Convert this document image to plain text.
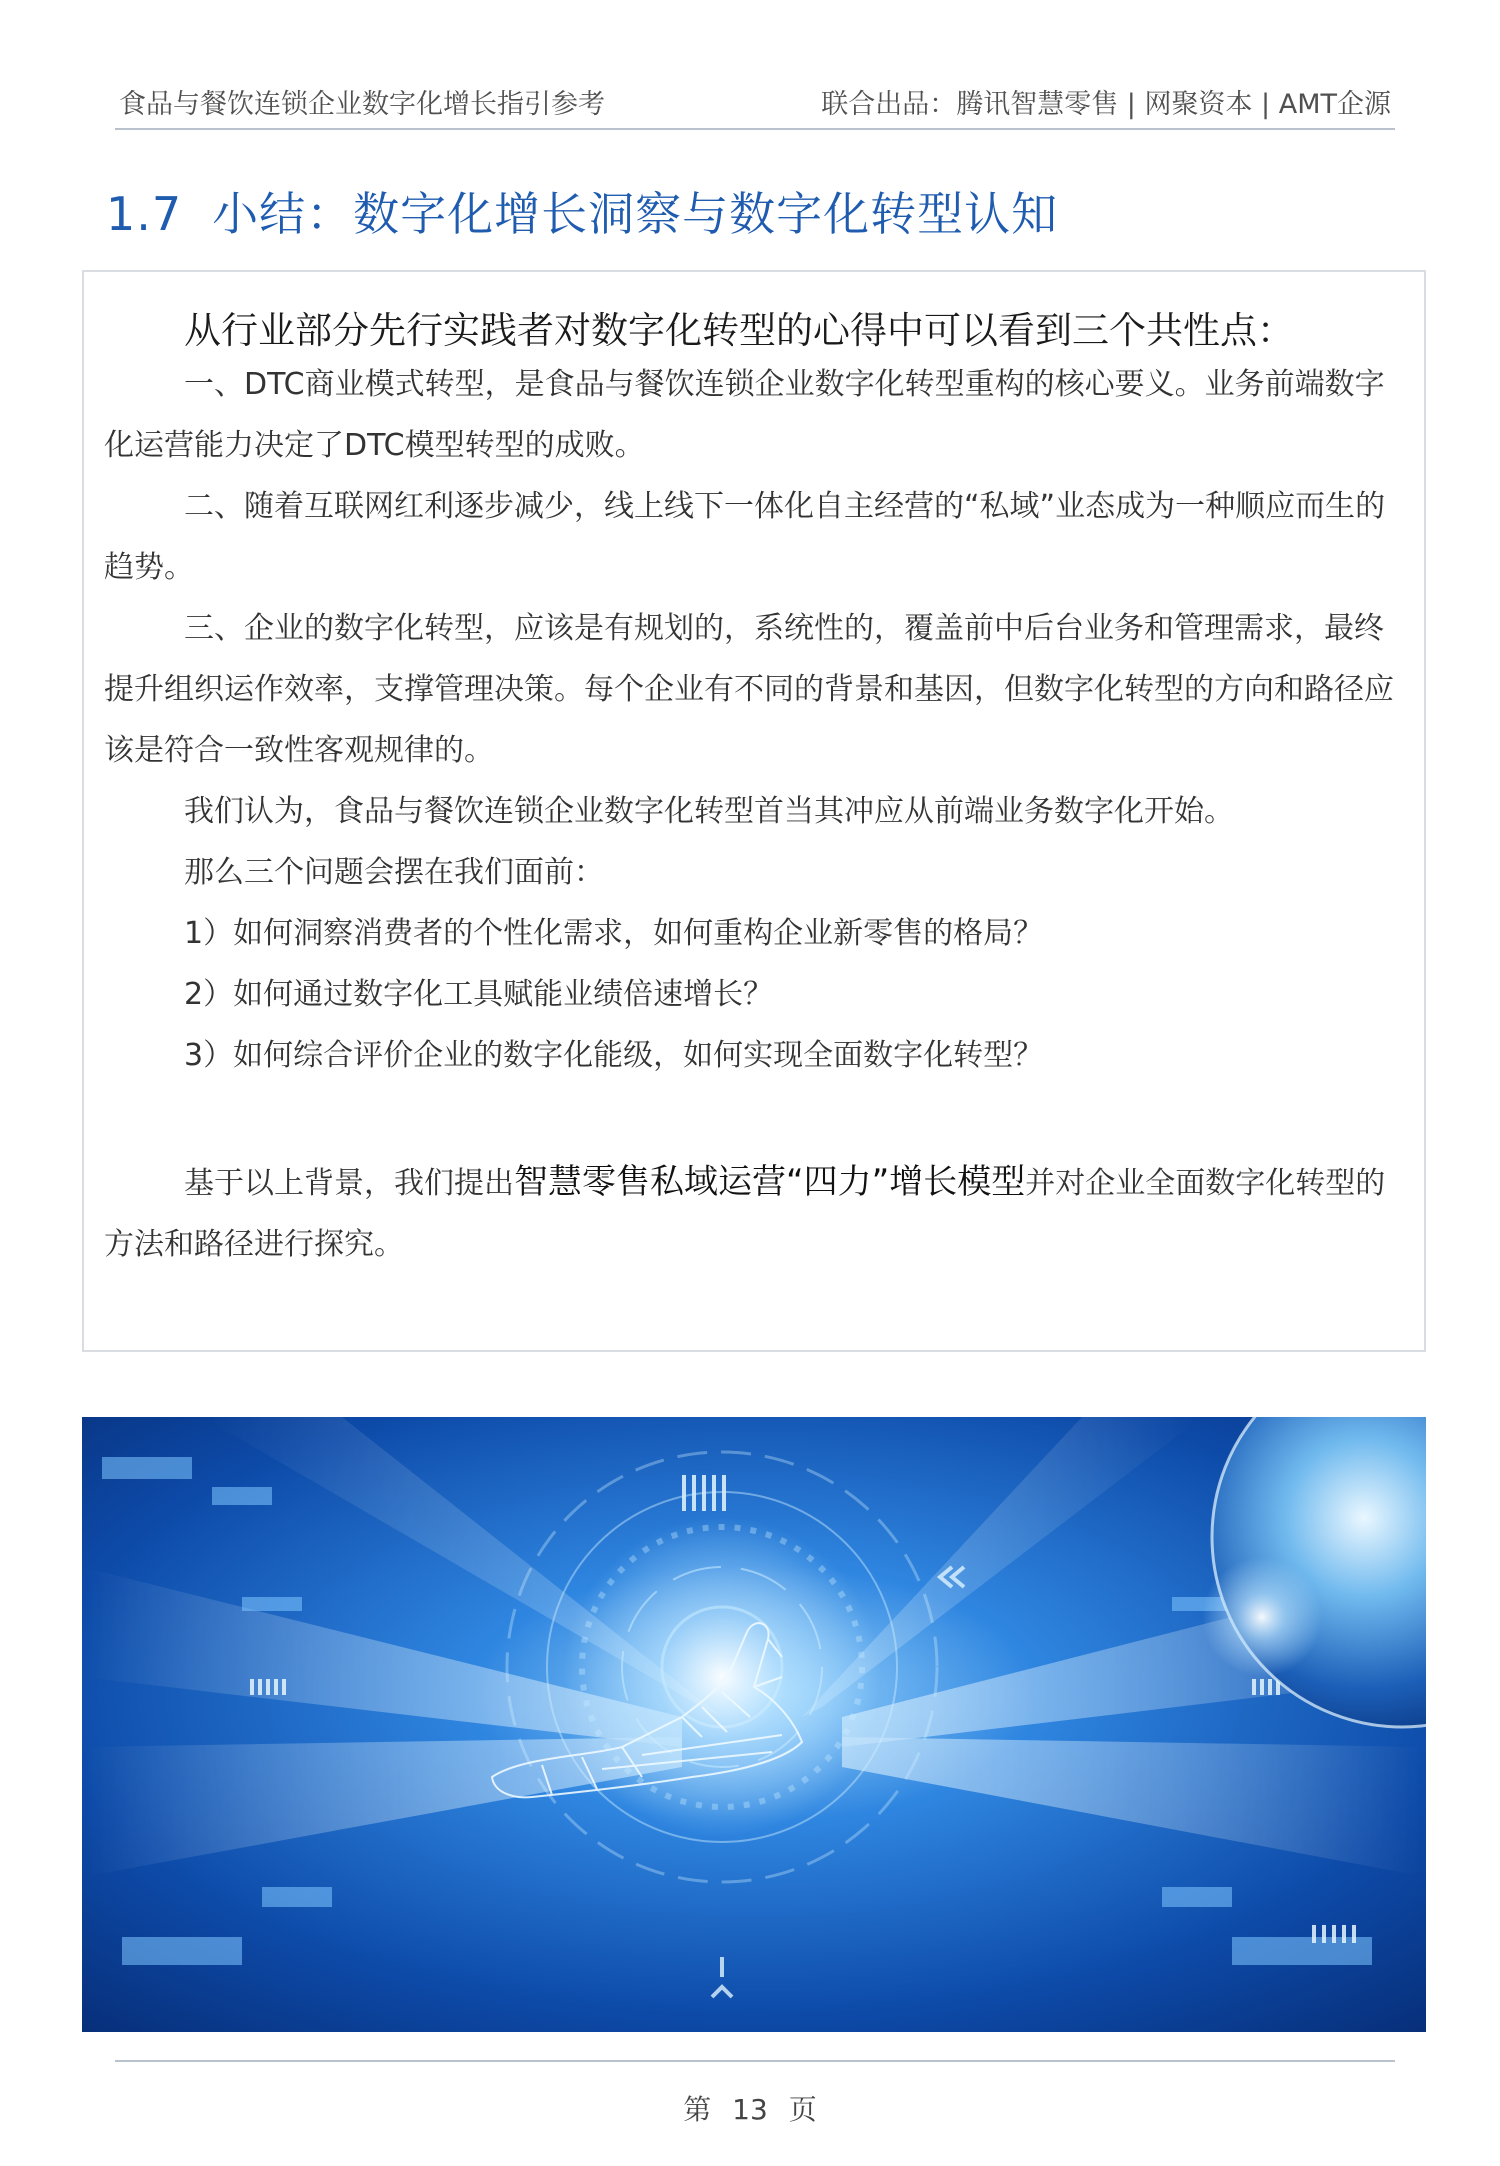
食品与餐饮连锁企业数字化增长指引参考	联合出品：腾讯智慧零售 | 网聚资本 | AMT企源
1.7 小结：数字化增长洞察与数字化转型认知

从行业部分先行实践者对数字化转型的心得中可以看到三个共性点：

一、DTC商业模式转型，是食品与餐饮连锁企业数字化转型重构的核心要义。业务前端数字化运营能力决定了DTC模型转型的成败。

二、随着互联网红利逐步减少，线上线下一体化自主经营的“私域”业态成为一种顺应而生的趋势。

三、企业的数字化转型，应该是有规划的，系统性的，覆盖前中后台业务和管理需求，最终提升组织运作效率，支撑管理决策。每个企业有不同的背景和基因，但数字化转型的方向和路径应该是符合一致性客观规律的。

我们认为，食品与餐饮连锁企业数字化转型首当其冲应从前端业务数字化开始。

那么三个问题会摆在我们面前：

1）如何洞察消费者的个性化需求，如何重构企业新零售的格局？

2）如何通过数字化工具赋能业绩倍速增长？

3）如何综合评价企业的数字化能级，如何实现全面数字化转型？

基于以上背景，我们提出智慧零售私域运营“四力”增长模型并对企业全面数字化转型的方法和路径进行探究。

第 13 页
